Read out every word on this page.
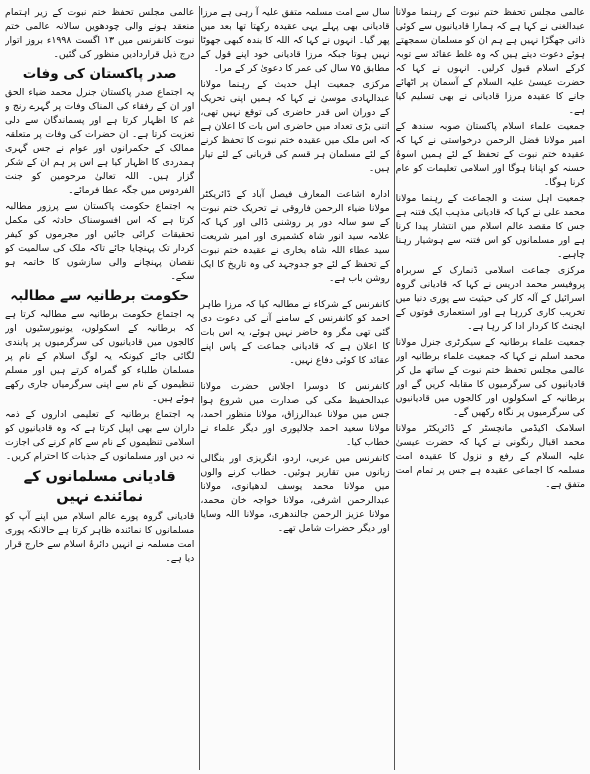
عالمی مجلس تحفظ ختم نبوت کے رہنما مولانا عبدالغنی نے کہا ہے کہ ہمارا قادیانیوں سے کوئی ذاتی جھگڑا نہیں ہے ہم ان کو مسلمان سمجھتے ہوئے دعوت دیتے ہیں کہ وہ غلط عقائد سے توبہ کرکے اسلام قبول کرلیں۔ انہوں نے کہا کہ حضرت عیسیٰ علیہ السلام کے آسمان پر اٹھائے جانے کا عقیدہ مرزا قادیانی نے بھی تسلیم کیا ہے۔

جمعیت علماء اسلام پاکستان صوبہ سندھ کے امیر مولانا فضل الرحمن درخواستی نے کہا کہ عقیدہ ختم نبوت کے تحفظ کے لئے ہمیں اسوۂ حسنہ کو اپنانا ہوگا اور اسلامی تعلیمات کو عام کرنا ہوگا۔

جمعیت اہل سنت و الجماعت کے رہنما مولانا محمد علی نے کہا کہ قادیانی مذہب ایک فتنہ ہے جس کا مقصد عالم اسلام میں انتشار پیدا کرنا ہے اور مسلمانوں کو اس فتنہ سے ہوشیار رہنا چاہیے۔

مرکزی جماعت اسلامی ڈنمارک کے سربراہ پروفیسر محمد ادریس نے کہا کہ قادیانی گروہ اسرائیل کے آلہ کار کی حیثیت سے پوری دنیا میں تخریب کاری کررہا ہے اور استعماری قوتوں کے ایجنٹ کا کردار ادا کر رہا ہے۔

جمعیت علماء برطانیہ کے سیکرٹری جنرل مولانا محمد اسلم نے کہا کہ جمعیت علماء برطانیہ اور عالمی مجلس تحفظ ختم نبوت کے ساتھ مل کر قادیانیوں کی سرگرمیوں کا مقابلہ کریں گے اور برطانیہ کے اسکولوں اور کالجوں میں قادیانیوں کی سرگرمیوں پر نگاہ رکھیں گے۔

اسلامک اکیڈمی مانچسٹر کے ڈائریکٹر مولانا محمد اقبال رنگونی نے کہا کہ حضرت عیسیٰ علیہ السلام کے رفع و نزول کا عقیدہ امت مسلمہ کا اجماعی عقیدہ ہے جس پر تمام امت متفق ہے۔

سال سے امت مسلمہ متفق علیہ آ رہی ہے مرزا قادیانی بھی پہلے یہی عقیدہ رکھتا تھا بعد میں پھر گیا۔ انہوں نے کہا کہ اللہ کا بندہ کبھی جھوٹا نہیں ہوتا جبکہ مرزا قادیانی خود اپنے قول کے مطابق ۷۵ سال کی عمر کا دعویٰ کر کے مرا۔

مرکزی جمعیت اہل حدیث کے رہنما مولانا عبدالہادی موسیٰ نے کہا کہ ہمیں اپنی تحریک کے دوران اس قدر حاضری کی توقع نہیں تھی، اتنی بڑی تعداد میں حاضری اس بات کا اعلان ہے کہ اس ملک میں عقیدہ ختم نبوت کا تحفظ کرنے کے لئے مسلمان ہر قسم کی قربانی کے لئے تیار ہیں۔

ادارہ اشاعت المعارف فیصل آباد کے ڈائریکٹر مولانا ضیاء الرحمن فاروقی نے تحریک ختم نبوت کے سو سالہ دور پر روشنی ڈالی اور کہا کہ علامہ سید انور شاہ کشمیری اور امیر شریعت سید عطاء اللہ شاہ بخاری نے عقیدہ ختم نبوت کے تحفظ کے لئے جو جدوجہد کی وہ تاریخ کا ایک روشن باب ہے۔

کانفرنس کے شرکاء نے مطالبہ کیا کہ مرزا طاہر احمد کو کانفرنس کے سامنے آنے کی دعوت دی گئی تھی مگر وہ حاضر نہیں ہوئے، یہ اس بات کا اعلان ہے کہ قادیانی جماعت کے پاس اپنے عقائد کا کوئی دفاع نہیں۔

کانفرنس کا دوسرا اجلاس حضرت مولانا عبدالحفیظ مکی کی صدارت میں شروع ہوا جس میں مولانا عبدالرزاق، مولانا منظور احمد، مولانا سعید احمد جلالپوری اور دیگر علماء نے خطاب کیا۔

کانفرنس میں عربی، اردو، انگریزی اور بنگالی زبانوں میں تقاریر ہوئیں۔ خطاب کرنے والوں میں مولانا محمد یوسف لدھیانوی، مولانا عبدالرحمن اشرفی، مولانا خواجہ خان محمد، مولانا عزیز الرحمن جالندھری، مولانا اللہ وسایا اور دیگر حضرات شامل تھے۔

عالمی مجلس تحفظ ختم نبوت کے زیر اہتمام منعقد ہونے والی چودھویں سالانہ عالمی ختم نبوت کانفرنس میں ۱۳ اگست ۱۹۹۸ء بروز اتوار درج ذیل قراردادیں منظور کی گئیں۔

صدر پاکستان کی وفات

یہ اجتماع صدر پاکستان جنرل محمد ضیاء الحق اور ان کے رفقاء کی المناک وفات پر گہرے رنج و غم کا اظہار کرتا ہے اور پسماندگان سے دلی تعزیت کرتا ہے۔ ان حضرات کی وفات پر متعلقہ ممالک کے حکمرانوں اور عوام نے جس گہری ہمدردی کا اظہار کیا ہے اس پر ہم ان کے شکر گزار ہیں۔ اللہ تعالیٰ مرحومین کو جنت الفردوس میں جگہ عطا فرمائے۔

یہ اجتماع حکومت پاکستان سے پرزور مطالبہ کرتا ہے کہ اس افسوسناک حادثہ کی مکمل تحقیقات کرائی جائیں اور مجرموں کو کیفر کردار تک پہنچایا جائے تاکہ ملک کی سالمیت کو نقصان پہنچانے والی سازشوں کا خاتمہ ہو سکے۔

حکومت برطانیہ سے مطالبہ

یہ اجتماع حکومت برطانیہ سے مطالبہ کرتا ہے کہ برطانیہ کے اسکولوں، یونیورسٹیوں اور کالجوں میں قادیانیوں کی سرگرمیوں پر پابندی لگائی جائے کیونکہ یہ لوگ اسلام کے نام پر مسلمان طلباء کو گمراہ کرتے ہیں اور مسلم تنظیموں کے نام سے اپنی سرگرمیاں جاری رکھے ہوئے ہیں۔

یہ اجتماع برطانیہ کے تعلیمی اداروں کے ذمہ داران سے بھی اپیل کرتا ہے کہ وہ قادیانیوں کو اسلامی تنظیموں کے نام سے کام کرنے کی اجازت نہ دیں اور مسلمانوں کے جذبات کا احترام کریں۔

قادیانی مسلمانوں کے نمائندے نہیں

قادیانی گروہ پورے عالم اسلام میں اپنے آپ کو مسلمانوں کا نمائندہ ظاہر کرتا ہے حالانکہ پوری امت مسلمہ نے انہیں دائرۂ اسلام سے خارج قرار دیا ہے۔
